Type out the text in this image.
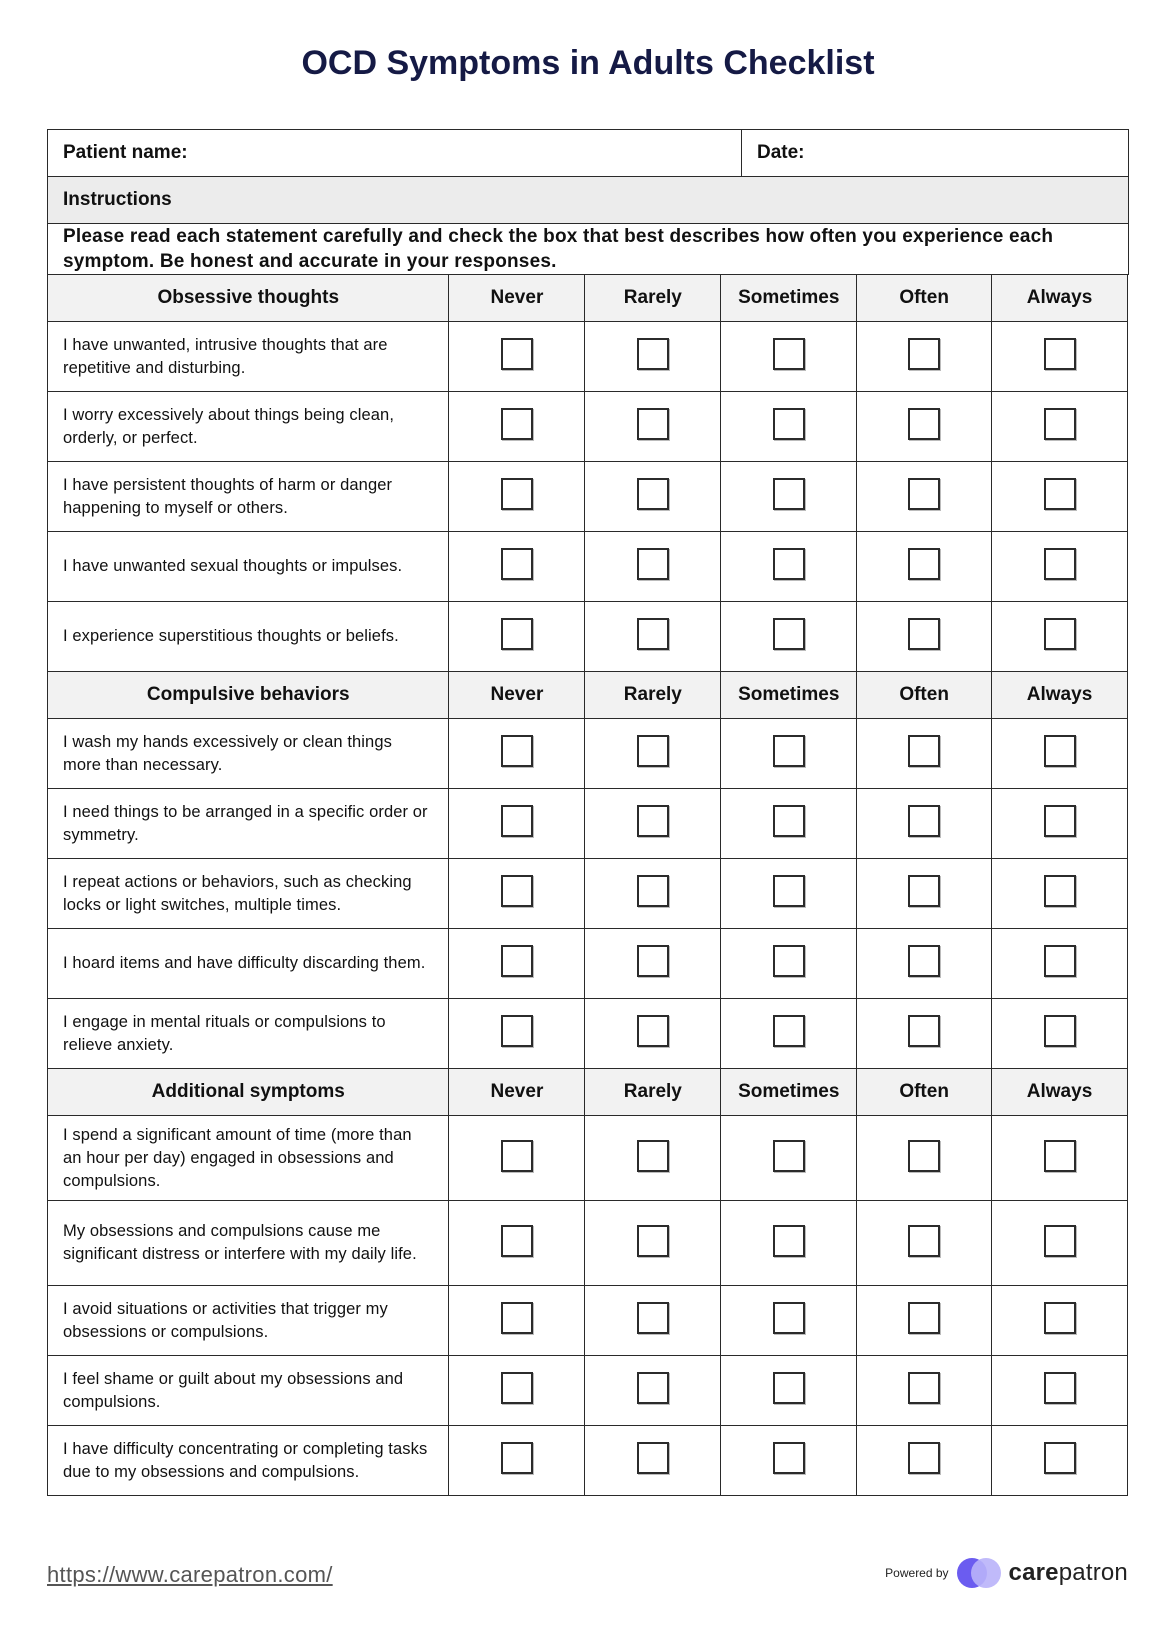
OCD Symptoms in Adults Checklist
Patient name:	Date:
Instructions
Please read each statement carefully and check the box that best describes how often you experience each symptom. Be honest and accurate in your responses.
Obsessive thoughts	Never	Rarely	Sometimes	Often	Always
I have unwanted, intrusive thoughts that are repetitive and disturbing.					
I worry excessively about things being clean, orderly, or perfect.					
I have persistent thoughts of harm or danger happening to myself or others.					
I have unwanted sexual thoughts or impulses.					
I experience superstitious thoughts or beliefs.					
Compulsive behaviors	Never	Rarely	Sometimes	Often	Always
I wash my hands excessively or clean things more than necessary.					
I need things to be arranged in a specific order or symmetry.					
I repeat actions or behaviors, such as checking locks or light switches, multiple times.					
I hoard items and have difficulty discarding them.					
I engage in mental rituals or compulsions to relieve anxiety.					
Additional symptoms	Never	Rarely	Sometimes	Often	Always
I spend a significant amount of time (more than an hour per day) engaged in obsessions and compulsions.					
My obsessions and compulsions cause me significant distress or interfere with my daily life.					
I avoid situations or activities that trigger my obsessions or compulsions.					
I feel shame or guilt about my obsessions and compulsions.					
I have difficulty concentrating or completing tasks due to my obsessions and compulsions.					
https://www.carepatron.com/	Powered by	carepatron
